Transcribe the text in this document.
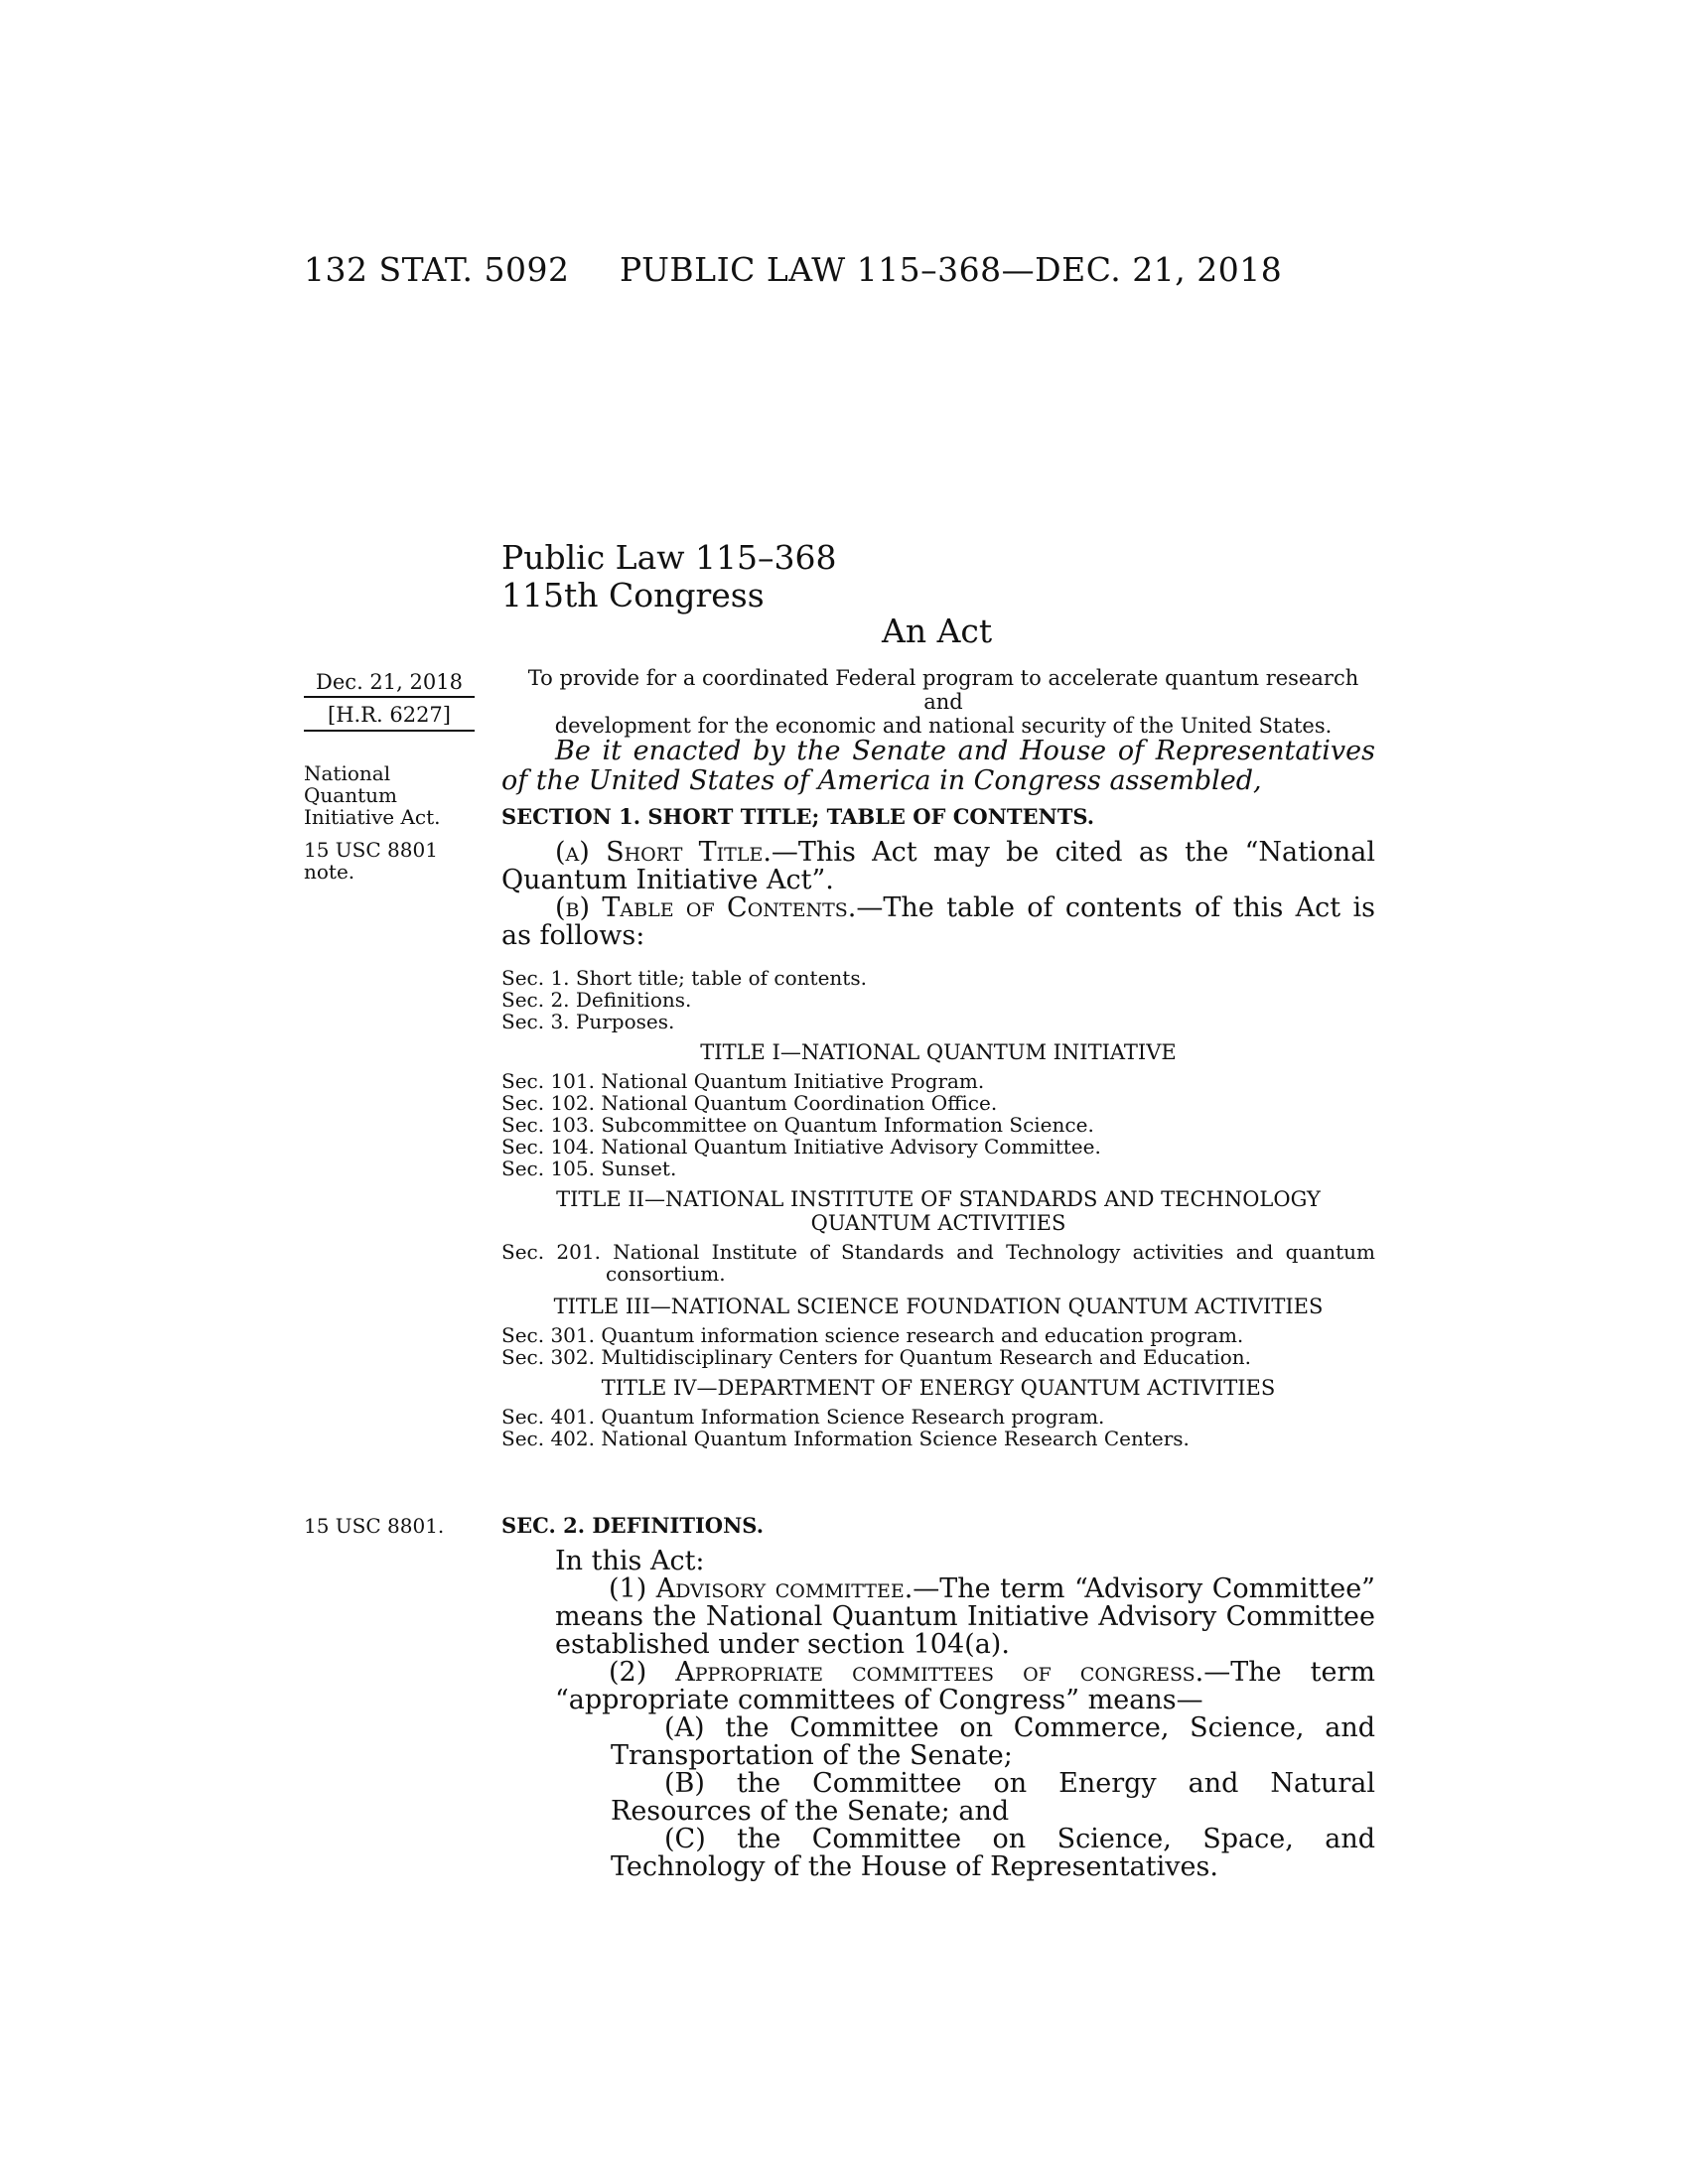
132 STAT. 5092 PUBLIC LAW 115–368—DEC. 21, 2018
Public Law 115–368
115th Congress
An Act
Dec. 21, 2018
[H.R. 6227]
To provide for a coordinated Federal program to accelerate quantum research and
development for the economic and national security of the United States.
National
Quantum
Initiative Act.
15 USC 8801
note.
15 USC 8801.
Be it enacted by the Senate and House of Representatives of the United States of America in Congress assembled,
SECTION 1. SHORT TITLE; TABLE OF CONTENTS.
(a) Short Title.—This Act may be cited as the “National Quantum Initiative Act”.
(b) Table of Contents.—The table of contents of this Act is as follows:
Sec. 1. Short title; table of contents.
Sec. 2. Definitions.
Sec. 3. Purposes.
TITLE I—NATIONAL QUANTUM INITIATIVE
Sec. 101. National Quantum Initiative Program.
Sec. 102. National Quantum Coordination Office.
Sec. 103. Subcommittee on Quantum Information Science.
Sec. 104. National Quantum Initiative Advisory Committee.
Sec. 105. Sunset.
TITLE II—NATIONAL INSTITUTE OF STANDARDS AND TECHNOLOGY
QUANTUM ACTIVITIES
Sec. 201. National Institute of Standards and Technology activities and quantum consortium.
TITLE III—NATIONAL SCIENCE FOUNDATION QUANTUM ACTIVITIES
Sec. 301. Quantum information science research and education program.
Sec. 302. Multidisciplinary Centers for Quantum Research and Education.
TITLE IV—DEPARTMENT OF ENERGY QUANTUM ACTIVITIES
Sec. 401. Quantum Information Science Research program.
Sec. 402. National Quantum Information Science Research Centers.
SEC. 2. DEFINITIONS.
In this Act:
(1) Advisory committee.—The term “Advisory Committee” means the National Quantum Initiative Advisory Committee established under section 104(a).
(2) Appropriate committees of congress.—The term “appropriate committees of Congress” means—
(A) the Committee on Commerce, Science, and Transportation of the Senate;
(B) the Committee on Energy and Natural Resources of the Senate; and
(C) the Committee on Science, Space, and Technology of the House of Representatives.
